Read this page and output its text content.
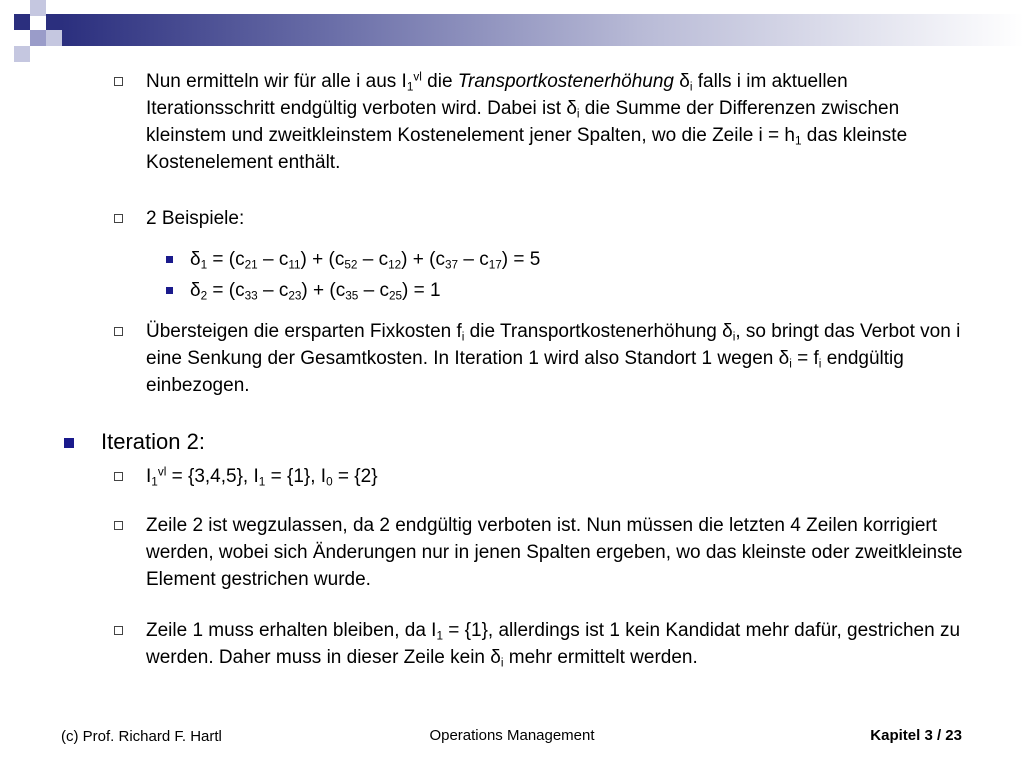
Nun ermitteln wir für alle i aus $I_1^{vl}$ die Transportkostenerhöhung $\delta_i$ falls i im aktuellen Iterationsschritt endgültig verboten wird. Dabei ist $\delta_i$ die Summe der Differenzen zwischen kleinstem und zweitkleinstem Kostenelement jener Spalten, wo die Zeile $i = h_1$ das kleinste Kostenelement enthält.
2 Beispiele:
$\delta_1 = (c_{21} - c_{11}) + (c_{52} - c_{12}) + (c_{37} - c_{17}) = 5$
$\delta_2 = (c_{33} - c_{23}) + (c_{35} - c_{25}) = 1$
Übersteigen die ersparten Fixkosten $f_i$ die Transportkostenerhöhung $\delta_i$, so bringt das Verbot von i eine Senkung der Gesamtkosten. In Iteration 1 wird also Standort 1 wegen $\delta_i = f_i$ endgültig einbezogen.
Iteration 2:
$I_1^{vl} = \{3,4,5\}$, $I_1 = \{1\}$, $I_0 = \{2\}$
Zeile 2 ist wegzulassen, da 2 endgültig verboten ist. Nun müssen die letzten 4 Zeilen korrigiert werden, wobei sich Änderungen nur in jenen Spalten ergeben, wo das kleinste oder zweitkleinste Element gestrichen wurde.
Zeile 1 muss erhalten bleiben, da $I_1 = \{1\}$, allerdings ist 1 kein Kandidat mehr dafür, gestrichen zu werden. Daher muss in dieser Zeile kein $\delta_i$ mehr ermittelt werden.
(c) Prof. Richard F. Hartl	Operations Management	Kapitel 3 / 23
